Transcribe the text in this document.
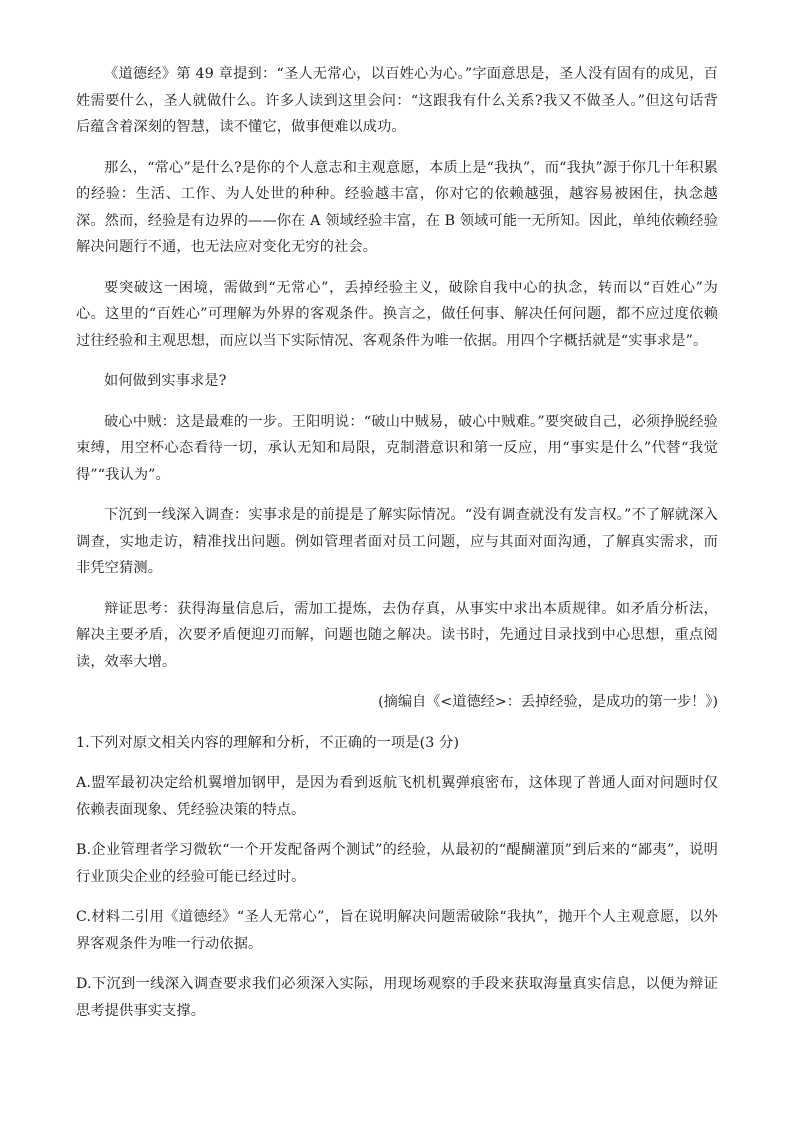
《道德经》第 49 章提到：“圣人无常心，以百姓心为心。”字面意思是，圣人没有固有的成见，百姓需要什么，圣人就做什么。许多人读到这里会问：“这跟我有什么关系?我又不做圣人。”但这句话背后蕴含着深刻的智慧，读不懂它，做事便难以成功。

那么，“常心”是什么?是你的个人意志和主观意愿，本质上是“我执”，而“我执”源于你几十年积累的经验：生活、工作、为人处世的种种。经验越丰富，你对它的依赖越强，越容易被困住，执念越深。然而，经验是有边界的——你在 A 领域经验丰富，在 B 领域可能一无所知。因此，单纯依赖经验解决问题行不通，也无法应对变化无穷的社会。

要突破这一困境，需做到“无常心”，丢掉经验主义，破除自我中心的执念，转而以“百姓心”为心。这里的“百姓心”可理解为外界的客观条件。换言之，做任何事、解决任何问题，都不应过度依赖过往经验和主观思想，而应以当下实际情况、客观条件为唯一依据。用四个字概括就是“实事求是”。

如何做到实事求是?

破心中贼：这是最难的一步。王阳明说：“破山中贼易，破心中贼难。”要突破自己，必须挣脱经验束缚，用空杯心态看待一切，承认无知和局限，克制潜意识和第一反应，用“事实是什么”代替“我觉得”“我认为”。

下沉到一线深入调查：实事求是的前提是了解实际情况。“没有调查就没有发言权。”不了解就深入调查，实地走访，精准找出问题。例如管理者面对员工问题，应与其面对面沟通，了解真实需求，而非凭空猜测。

辩证思考：获得海量信息后，需加工提炼，去伪存真，从事实中求出本质规律。如矛盾分析法，解决主要矛盾，次要矛盾便迎刃而解，问题也随之解决。读书时，先通过目录找到中心思想，重点阅读，效率大增。

(摘编自《<道德经>：丢掉经验，是成功的第一步！》)

1.下列对原文相关内容的理解和分析，不正确的一项是(3 分)

A.盟军最初决定给机翼增加钢甲，是因为看到返航飞机机翼弹痕密布，这体现了普通人面对问题时仅依赖表面现象、凭经验决策的特点。

B.企业管理者学习微软“一个开发配备两个测试”的经验，从最初的“醍醐灌顶”到后来的“鄙夷”，说明行业顶尖企业的经验可能已经过时。

C.材料二引用《道德经》“圣人无常心”，旨在说明解决问题需破除“我执”，抛开个人主观意愿，以外界客观条件为唯一行动依据。

D.下沉到一线深入调查要求我们必须深入实际，用现场观察的手段来获取海量真实信息，以便为辩证思考提供事实支撑。
